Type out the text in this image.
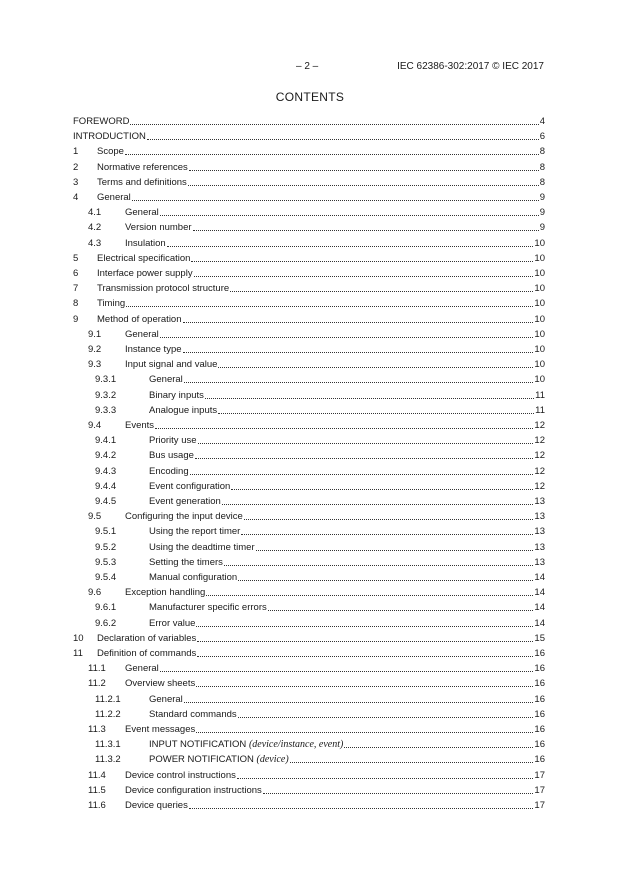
– 2 –	IEC 62386-302:2017 © IEC 2017
CONTENTS
FOREWORD	4
INTRODUCTION	6
1	Scope	8
2	Normative references	8
3	Terms and definitions	8
4	General	9
4.1	General	9
4.2	Version number	9
4.3	Insulation	10
5	Electrical specification	10
6	Interface power supply	10
7	Transmission protocol structure	10
8	Timing	10
9	Method of operation	10
9.1	General	10
9.2	Instance type	10
9.3	Input signal and value	10
9.3.1	General	10
9.3.2	Binary inputs	11
9.3.3	Analogue inputs	11
9.4	Events	12
9.4.1	Priority use	12
9.4.2	Bus usage	12
9.4.3	Encoding	12
9.4.4	Event configuration	12
9.4.5	Event generation	13
9.5	Configuring the input device	13
9.5.1	Using the report timer	13
9.5.2	Using the deadtime timer	13
9.5.3	Setting the timers	13
9.5.4	Manual configuration	14
9.6	Exception handling	14
9.6.1	Manufacturer specific errors	14
9.6.2	Error value	14
10	Declaration of variables	15
11	Definition of commands	16
11.1	General	16
11.2	Overview sheets	16
11.2.1	General	16
11.2.2	Standard commands	16
11.3	Event messages	16
11.3.1	INPUT NOTIFICATION (device/instance, event)	16
11.3.2	POWER NOTIFICATION (device)	16
11.4	Device control instructions	17
11.5	Device configuration instructions	17
11.6	Device queries	17
